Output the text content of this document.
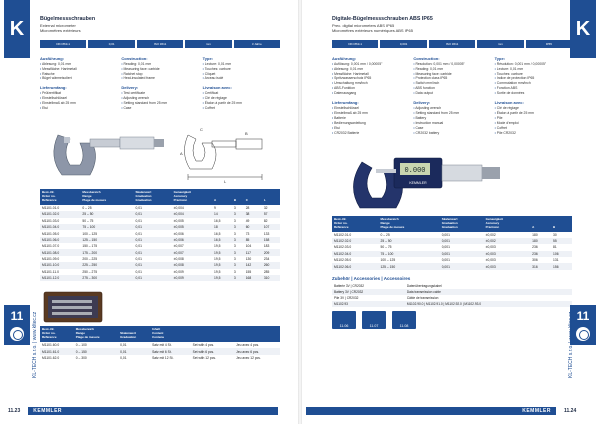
K	Bügelmessschrauben
External micrometer
Micromètres extérieurs
DIN 863-1	0,01	ISO 3611	mm	3 Jahre
Ausführung:
• Ablesung: 0,01 mm
• Messfläche: Hartmetall
• Ratsche
• Bügel wärmeisoliert
Lieferumfang:
• Prüfzertifikat
• Einstellschlüssel
• Einstellmaß ab 25 mm
• Etui
Construction:
• Reading: 0,01 mm
• Measuring face: carbide
• Ratchet stop
• Heat-insulated frame
Delivery:
• Test certificate
• Adjusting wrench
• Setting standard from 25 mm
• Case
Type:
• Lecture: 0,01 mm
• Touches: carbure
• Cliquet
• Arceau isolé
Livraison avec:
• Certificat
• Clé de réglage
• Étalon à partir de 25 mm
• Coffret
L
A
C
B
Best.-Nr.
Order no.
Référence	Messbereich
Range
Plage de mesure	Skalenwert
Graduation
Graduation	Genauigkeit
Accuracy
Précision	A	B	C	L
M1101.01.0	0 – 25	0,01	±0,004	9	3	28	32
M1101.02.0	25 – 50	0,01	±0,004	14	3	38	57
M1101.03.0	50 – 75	0,01	±0,005	16,5	3	49	82
M1101.04.0	75 – 100	0,01	±0,005	18	3	60	107
M1101.05.0	100 – 125	0,01	±0,006	16,5	3	73	133
M1101.06.0	125 – 150	0,01	±0,006	16,5	3	85	158
M1101.07.0	150 – 175	0,01	±0,007	19,5	3	104	183
M1101.08.0	175 – 200	0,01	±0,007	19,5	3	117	209
M1101.09.0	200 – 225	0,01	±0,008	19,5	3	130	234
M1101.10.0	225 – 250	0,01	±0,008	19,5	3	142	260
M1101.11.0	250 – 275	0,01	±0,009	19,5	3	155	285
M1101.12.0	275 – 300	0,01	±0,009	19,5	3	168	310
Best.-Nr.
Order no.
Référence	Messbereich
Range
Plage de mesure	Skalenwert
Graduation	Inhalt
Content
Contenu		
M1101.60.0	0 – 100	0,01	Satz mit 4 St.	Set with 4 pcs.	Jeu avec 4 pcs.
M1101.61.0	0 – 150	0,01	Satz mit 6 St.	Set with 6 pcs.	Jeu avec 6 pcs.
M1101.62.0	0 – 300	0,01	Satz mit 12 St.	Set with 12 pcs.	Jeu avec 12 pcs.
11 KL-TECH s.r.o. | www.kltec.cz
11.23	KEMMLER
K
Digitale-Bügelmessschrauben ABS IP65
Prec. digital micrometers ABS IP65
Micromètres extérieurs numériques ABS IP65
DIN 863-1	0,001	ISO 3611	mm	IP65
Ausführung:
• Auflösung: 0,001 mm / 0,00005"
• Ablesung: 0,01 mm
• Messfläche: Hartmetall
• Spritzwasserschutz IP65
• Umschaltung mm/inch
• ABS-Funktion
• Datenausgang
Lieferumfang:
• Einstellschlüssel
• Einstellmaß ab 25 mm
• Batterie
• Bedienungsanleitung
• Etui
• CR2032 Batterie
Construction:
• Resolution: 0,001 mm / 0,00005"
• Reading: 0,01 mm
• Measuring face: carbide
• Protection class IP65
• Switch mm/inch
• ABS function
• Data output
Delivery:
• Adjusting wrench
• Setting standard from 25 mm
• Battery
• Instruction manual
• Case
• CR2032 battery
Type:
• Résolution: 0,001 mm / 0,00005"
• Lecture: 0,01 mm
• Touches: carbure
• Indice de protection IP65
• Commutation mm/inch
• Fonction ABS
• Sortie de données
Livraison avec:
• Clé de réglage
• Étalon à partir de 25 mm
• Pile
• Mode d'emploi
• Coffret
• Pile CR2032
0.000
KEMMLER
Best.-Nr.
Order no.
Référence	Messbereich
Range
Plage de mesure	Skalenwert
Graduation
Graduation	Genauigkeit
Accuracy
Précision	A	B
M1102.01.0	0 – 25	0,001	±0,002	180	30
M1102.02.0	25 – 50	0,001	±0,002	180	55
M1102.03.0	50 – 75	0,001	±0,003	236	81
M1102.04.0	75 – 100	0,001	±0,003	236	106
M1102.05.0	100 – 125	0,001	±0,003	306	131
M1102.06.0	125 – 150	0,001	±0,003	316	156
Zubehör | Accessories | Accessoires
Batterie 3V | CR2032	Datenübertragungskabel
Battery 3V | CR2032	Data transmission cable
Pile 3V | CR2032	Câble de transmission
M1102.93	M1102.90.0 | M1102.91.0 | M1102.92.0 | M1102.93.0
11.06	11.07	11.08
11
KL-TECH s.r.o. | www.kltec.cz
KEMMLER	11.24
